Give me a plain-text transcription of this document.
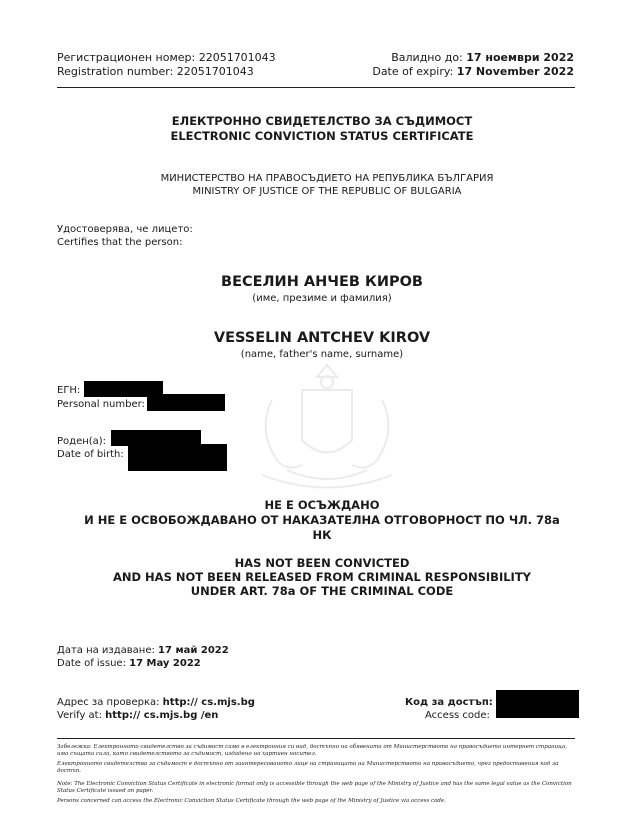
Регистрационен номер: 22051701043
Registration number: 22051701043
Валидно до: 17 ноември 2022
Date of expiry: 17 November 2022
ЕЛЕКТРОННО СВИДЕТЕЛСТВО ЗА СЪДИМОСТ
ELECTRONIC CONVICTION STATUS CERTIFICATE
МИНИСТЕРСТВО НА ПРАВОСЪДИЕТО НА РЕПУБЛИКА БЪЛГАРИЯ
MINISTRY OF JUSTICE OF THE REPUBLIC OF BULGARIA
Удостоверява, че лицето:
Certifies that the person:
ВЕСЕЛИН АНЧЕВ КИРОВ
(име, презиме и фамилия)
VESSELIN ANTCHEV KIROV
(name, father's name, surname)
ЕГН:
Personal number:
Роден(а):
Date of birth:
НЕ Е ОСЪЖДАНО
И НЕ Е ОСВОБОЖДАВАНО ОТ НАКАЗАТЕЛНА ОТГОВОРНОСТ ПО ЧЛ. 78а
НК
HAS NOT BEEN CONVICTED
AND HAS NOT BEEN RELEASED FROM CRIMINAL RESPONSIBILITY
UNDER ART. 78a OF THE CRIMINAL CODE
Дата на издаване: 17 май 2022
Date of issue: 17 May 2022
Адрес за проверка: http:// cs.mjs.bg
Verify at: http:// cs.mjs.bg /en
Код за достъп:
Access code:
Забележка: Електронното свидетелство за съдимост само в електронния си вид, достъпно на обявената от Министерството на правосъдието интернет страница, има същата сила, като свидетелството за съдимост, издадено на хартиен носител.
Електронното свидетелство за съдимост е достъпно от заинтересованото лице на страницата на Министерството на правосъдието, чрез предоставения код за достъп.
Note: The Electronic Conviction Status Certificate in electronic format only is accessible through the web page of the Ministry of Justice and has the same legal value as the Conviction Status Certificate issued on paper.
Persons concerned can access the Electronic Conviction Status Certificate through the web page of the Ministry of Justice via access code.
